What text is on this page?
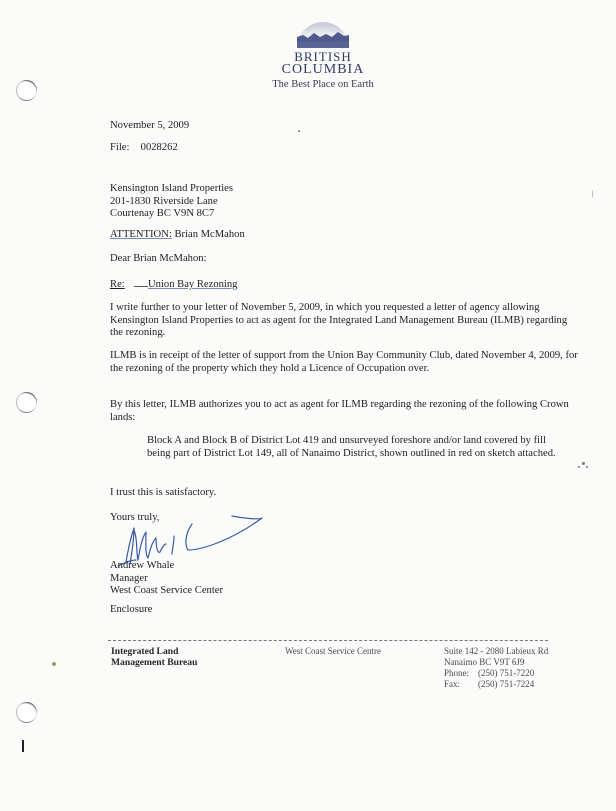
BRITISH
COLUMBIA
The Best Place on Earth
November 5, 2009
File: 0028262
Kensington Island Properties
201-1830 Riverside Lane
Courtenay BC V9N 8C7
ATTENTION: Brian McMahon
Dear Brian McMahon:
Re: Union Bay Rezoning
I write further to your letter of November 5, 2009, in which you requested a letter of agency allowing Kensington Island Properties to act as agent for the Integrated Land Management Bureau (ILMB) regarding the rezoning.
ILMB is in receipt of the letter of support from the Union Bay Community Club, dated November 4, 2009, for the rezoning of the property which they hold a Licence of Occupation over.
By this letter, ILMB authorizes you to act as agent for ILMB regarding the rezoning of the following Crown lands:
Block A and Block B of District Lot 419 and unsurveyed foreshore and/or land covered by fill being part of District Lot 149, all of Nanaimo District, shown outlined in red on sketch attached.
I trust this is satisfactory.
Yours truly,
Andrew Whale
Manager
West Coast Service Center
Enclosure
Integrated Land
Management Bureau
West Coast Service Centre	Suite 142 - 2080 Labieux Rd
Nanaimo BC V9T 6J9
Phone: (250) 751-7220
Fax: (250) 751-7224
